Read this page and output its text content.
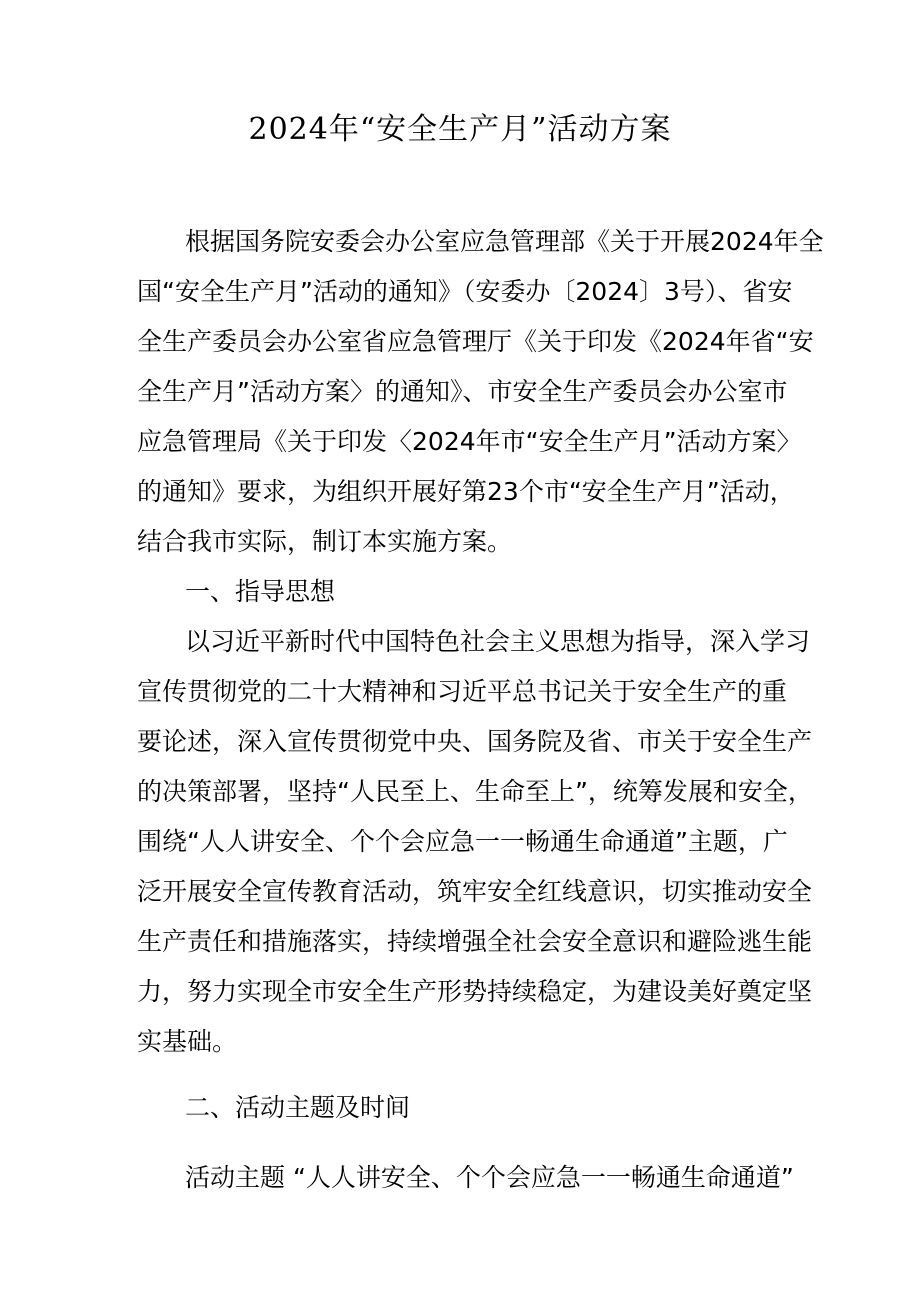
2024年“安全生产月”活动方案
根据国务院安委会办公室应急管理部《关于开展2024年全
国“安全生产月”活动的通知》（安委办〔2024〕3号）、省安
全生产委员会办公室省应急管理厅《关于印发《2024年省“安
全生产月”活动方案〉的通知》、市安全生产委员会办公室市
应急管理局《关于印发〈2024年市“安全生产月”活动方案〉
的通知》要求，为组织开展好第23个市“安全生产月”活动，
结合我市实际，制订本实施方案。
一、指导思想
以习近平新时代中国特色社会主义思想为指导，深入学习
宣传贯彻党的二十大精神和习近平总书记关于安全生产的重
要论述，深入宣传贯彻党中央、国务院及省、市关于安全生产
的决策部署，坚持“人民至上、生命至上”，统筹发展和安全，
围绕“人人讲安全、个个会应急一一畅通生命通道”主题，广
泛开展安全宣传教育活动，筑牢安全红线意识，切实推动安全
生产责任和措施落实，持续增强全社会安全意识和避险逃生能
力，努力实现全市安全生产形势持续稳定，为建设美好奠定坚
实基础。
二、活动主题及时间
活动主题 “人人讲安全、个个会应急一一畅通生命通道”
